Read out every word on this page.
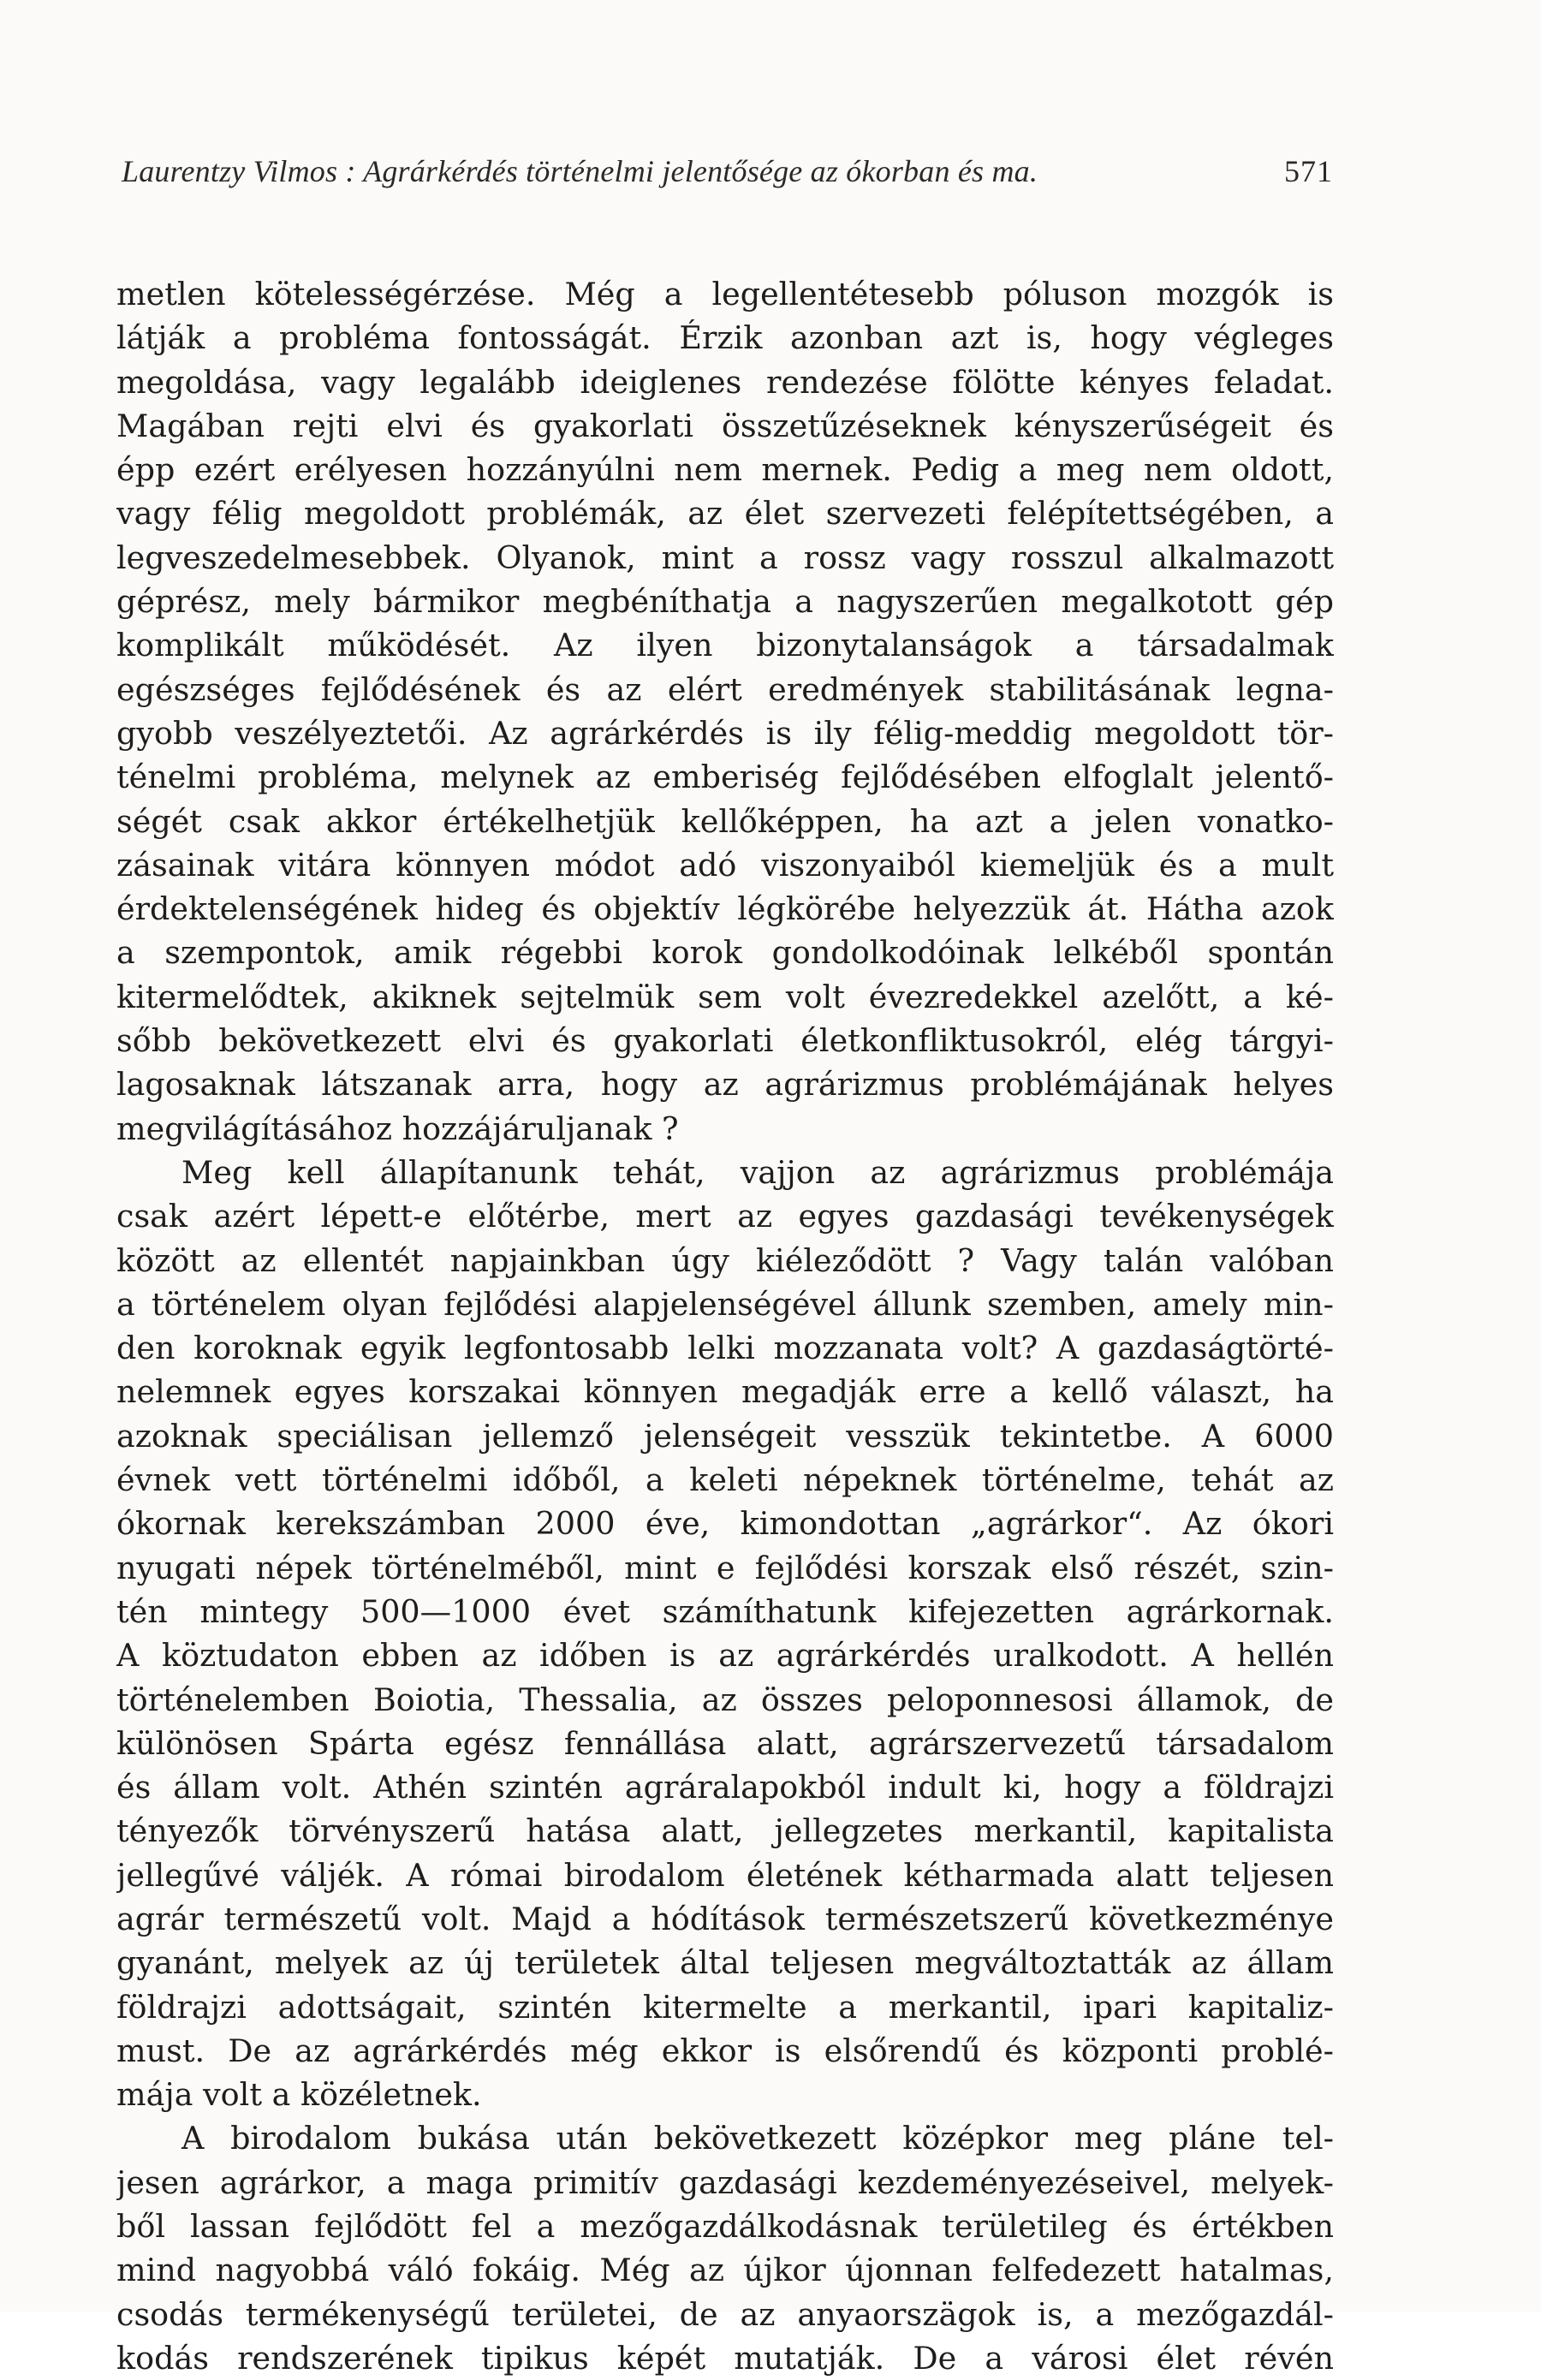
Laurentzy Vilmos : Agrárkérdés történelmi jelentősége az ókorban és ma.	571
metlen kötelességérzése. Még a legellentétesebb póluson mozgók is
látják a probléma fontosságát. Érzik azonban azt is, hogy végleges
megoldása, vagy legalább ideiglenes rendezése fölötte kényes feladat.
Magában rejti elvi és gyakorlati összetűzéseknek kényszerűségeit és
épp ezért erélyesen hozzányúlni nem mernek. Pedig a meg nem oldott,
vagy félig megoldott problémák, az élet szervezeti felépítettségében, a
legveszedelmesebbek. Olyanok, mint a rossz vagy rosszul alkalmazott
géprész, mely bármikor megbéníthatja a nagyszerűen megalkotott gép
komplikált működését. Az ilyen bizonytalanságok a társadalmak
egészséges fejlődésének és az elért eredmények stabilitásának legna-
gyobb veszélyeztetői. Az agrárkérdés is ily félig-meddig megoldott tör-
ténelmi probléma, melynek az emberiség fejlődésében elfoglalt jelentő-
ségét csak akkor értékelhetjük kellőképpen, ha azt a jelen vonatko-
zásainak vitára könnyen módot adó viszonyaiból kiemeljük és a mult
érdektelenségének hideg és objektív légkörébe helyezzük át. Hátha azok
a szempontok, amik régebbi korok gondolkodóinak lelkéből spontán
kitermelődtek, akiknek sejtelmük sem volt évezredekkel azelőtt, a ké-
sőbb bekövetkezett elvi és gyakorlati életkonfliktusokról, elég tárgyi-
lagosaknak látszanak arra, hogy az agrárizmus problémájának helyes
megvilágításához hozzájáruljanak ?
Meg kell állapítanunk tehát, vajjon az agrárizmus problémája
csak azért lépett-e előtérbe, mert az egyes gazdasági tevékenységek
között az ellentét napjainkban úgy kiéleződött ? Vagy talán valóban
a történelem olyan fejlődési alapjelenségével állunk szemben, amely min-
den koroknak egyik legfontosabb lelki mozzanata volt? A gazdaságtörté-
nelemnek egyes korszakai könnyen megadják erre a kellő választ, ha
azoknak speciálisan jellemző jelenségeit vesszük tekintetbe. A 6000
évnek vett történelmi időből, a keleti népeknek történelme, tehát az
ókornak kerekszámban 2000 éve, kimondottan „agrárkor“. Az ókori
nyugati népek történelméből, mint e fejlődési korszak első részét, szin-
tén mintegy 500—1000 évet számíthatunk kifejezetten agrárkornak.
A köztudaton ebben az időben is az agrárkérdés uralkodott. A hellén
történelemben Boiotia, Thessalia, az összes peloponnesosi államok, de
különösen Spárta egész fennállása alatt, agrárszervezetű társadalom
és állam volt. Athén szintén agráralapokból indult ki, hogy a földrajzi
tényezők törvényszerű hatása alatt, jellegzetes merkantil, kapitalista
jellegűvé váljék. A római birodalom életének kétharmada alatt teljesen
agrár természetű volt. Majd a hódítások természetszerű következménye
gyanánt, melyek az új területek által teljesen megváltoztatták az állam
földrajzi adottságait, szintén kitermelte a merkantil, ipari kapitaliz-
must. De az agrárkérdés még ekkor is elsőrendű és központi problé-
mája volt a közéletnek.
A birodalom bukása után bekövetkezett középkor meg pláne tel-
jesen agrárkor, a maga primitív gazdasági kezdeményezéseivel, melyek-
ből lassan fejlődött fel a mezőgazdálkodásnak területileg és értékben
mind nagyobbá váló fokáig. Még az újkor újonnan felfedezett hatalmas,
csodás termékenységű területei, de az anyaorszägok is, a mezőgazdál-
kodás rendszerének tipikus képét mutatják. De a városi élet révén
